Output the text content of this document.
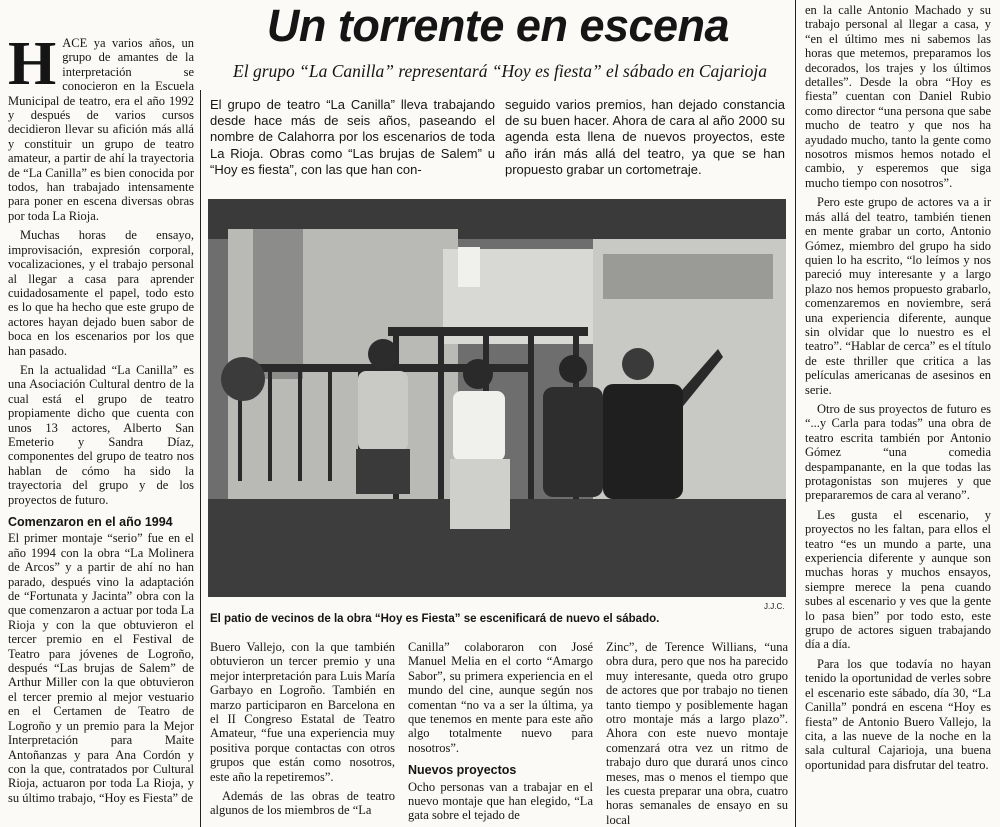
Un torrente en escena
El grupo “La Canilla” representará “Hoy es fiesta” el sábado en Cajarioja
El grupo de teatro “La Canilla” lleva trabajando desde hace más de seis años, paseando el nombre de Calahorra por los escenarios de toda La Rioja. Obras como “Las brujas de Salem” u “Hoy es fiesta”, con las que han con-
seguido varios premios, han dejado constancia de su buen hacer. Ahora de cara al año 2000 su agenda esta llena de nuevos proyectos, este año irán más allá del teatro, ya que se han propuesto grabar un cortometraje.
H ACE ya varios años, un grupo de amantes de la interpretación se conocieron en la Escuela Municipal de teatro, era el año 1992 y después de varios cursos decidieron llevar su afición más allá y constituir un grupo de teatro amateur, a partir de ahí la trayectoria de “La Canilla” es bien conocida por todos, han trabajado intensamente para poner en escena diversas obras por toda La Rioja.

Muchas horas de ensayo, improvisación, expresión corporal, vocalizaciones, y el trabajo personal al llegar a casa para aprender cuidadosamente el papel, todo esto es lo que ha hecho que este grupo de actores hayan dejado buen sabor de boca en los escenarios por los que han pasado.

En la actualidad “La Canilla” es una Asociación Cultural dentro de la cual está el grupo de teatro propiamente dicho que cuenta con unos 13 actores, Alberto San Emeterio y Sandra Díaz, componentes del grupo de teatro nos hablan de cómo ha sido la trayectoria del grupo y de los proyectos de futuro.

Comenzaron en el año 1994

El primer montaje “serio” fue en el año 1994 con la obra “La Molinera de Arcos” y a partir de ahí no han parado, después vino la adaptación de “Fortunata y Jacinta” obra con la que comenzaron a actuar por toda La Rioja y con la que obtuvieron el tercer premio en el Festival de Teatro para jóvenes de Logroño, después “Las brujas de Salem” de Arthur Miller con la que obtuvieron el tercer premio al mejor vestuario en el Certamen de Teatro de Logroño y un premio para la Mejor Interpretación para Maite Antoñanzas y para Ana Cordón y con la que, contratados por Cultural Rioja, actuaron por toda La Rioja, y su último trabajo, “Hoy es Fiesta” de

J.J.C.
El patio de vecinos de la obra “Hoy es Fiesta” se escenificará de nuevo el sábado.

Buero Vallejo, con la que también obtuvieron un tercer premio y una mejor interpretación para Luis María Garbayo en Logroño. También en marzo participaron en Barcelona en el II Congreso Estatal de Teatro Amateur, “fue una experiencia muy positiva porque contactas con otros grupos que están como nosotros, este año la repetiremos”.

Además de las obras de teatro algunos de los miembros de “La

Canilla” colaboraron con José Manuel Melia en el corto “Amargo Sabor”, su primera experiencia en el mundo del cine, aunque según nos comentan “no va a ser la última, ya que tenemos en mente para este año algo totalmente nuevo para nosotros”.

Nuevos proyectos

Ocho personas van a trabajar en el nuevo montaje que han elegido, “La gata sobre el tejado de

Zinc”, de Terence Willians, “una obra dura, pero que nos ha parecido muy interesante, queda otro grupo de actores que por trabajo no tienen tanto tiempo y posiblemente hagan otro montaje más a largo plazo”. Ahora con este nuevo montaje comenzará otra vez un ritmo de trabajo duro que durará unos cinco meses, mas o menos el tiempo que les cuesta preparar una obra, cuatro horas semanales de ensayo en su local

en la calle Antonio Machado y su trabajo personal al llegar a casa, y “en el último mes ni sabemos las horas que metemos, preparamos los decorados, los trajes y los últimos detalles”. Desde la obra “Hoy es fiesta” cuentan con Daniel Rubio como director “una persona que sabe mucho de teatro y que nos ha ayudado mucho, tanto la gente como nosotros mismos hemos notado el cambio, y esperemos que siga mucho tiempo con nosotros”.

Pero este grupo de actores va a ir más allá del teatro, también tienen en mente grabar un corto, Antonio Gómez, miembro del grupo ha sido quien lo ha escrito, “lo leímos y nos pareció muy interesante y a largo plazo nos hemos propuesto grabarlo, comenzaremos en noviembre, será una experiencia diferente, aunque sin olvidar que lo nuestro es el teatro”. “Hablar de cerca” es el título de este thriller que critica a las películas americanas de asesinos en serie.

Otro de sus proyectos de futuro es “...y Carla para todas” una obra de teatro escrita también por Antonio Gómez “una comedia despampanante, en la que todas las protagonistas son mujeres y que prepararemos de cara al verano”.

Les gusta el escenario, y proyectos no les faltan, para ellos el teatro “es un mundo a parte, una experiencia diferente y aunque son muchas horas y muchos ensayos, siempre merece la pena cuando subes al escenario y ves que la gente lo pasa bien” por todo esto, este grupo de actores siguen trabajando día a día.

Para los que todavía no hayan tenido la oportunidad de verles sobre el escenario este sábado, día 30, “La Canilla” pondrá en escena “Hoy es fiesta” de Antonio Buero Vallejo, la cita, a las nueve de la noche en la sala cultural Cajarioja, una buena oportunidad para disfrutar del teatro.
